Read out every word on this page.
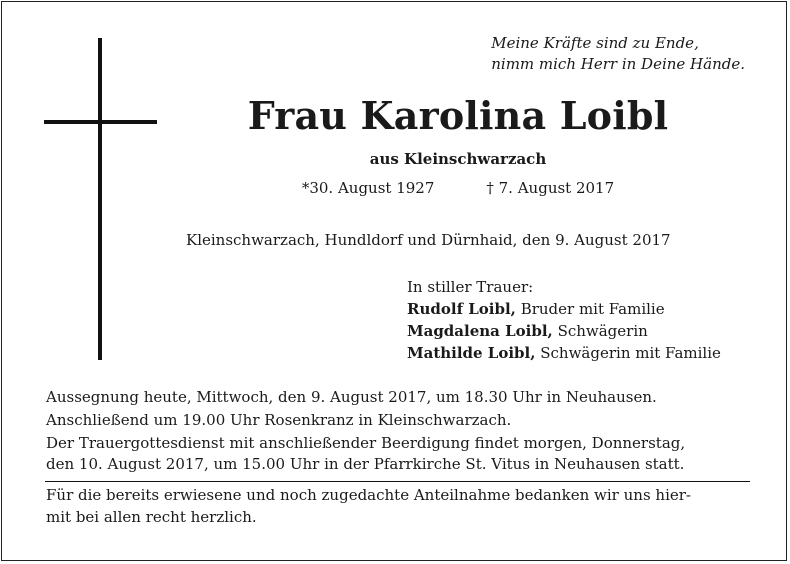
Meine Kräfte sind zu Ende,
nimm mich Herr in Deine Hände.
Frau Karolina Loibl
aus Kleinschwarzach
*30. August 1927	† 7. August 2017
Kleinschwarzach, Hundldorf und Dürnhaid, den 9. August 2017
In stiller Trauer:
Rudolf Loibl, Bruder mit Familie
Magdalena Loibl, Schwägerin
Mathilde Loibl, Schwägerin mit Familie

Aussegnung heute, Mittwoch, den 9. August 2017, um 18.30 Uhr in Neuhausen.

Anschließend um 19.00 Uhr Rosenkranz in Kleinschwarzach.

Der Trauergottesdienst mit anschließender Beerdigung findet morgen, Donnerstag,
den 10. August 2017, um 15.00 Uhr in der Pfarrkirche St. Vitus in Neuhausen statt.

Für die bereits erwiesene und noch zugedachte Anteilnahme bedanken wir uns hier-
mit bei allen recht herzlich.
